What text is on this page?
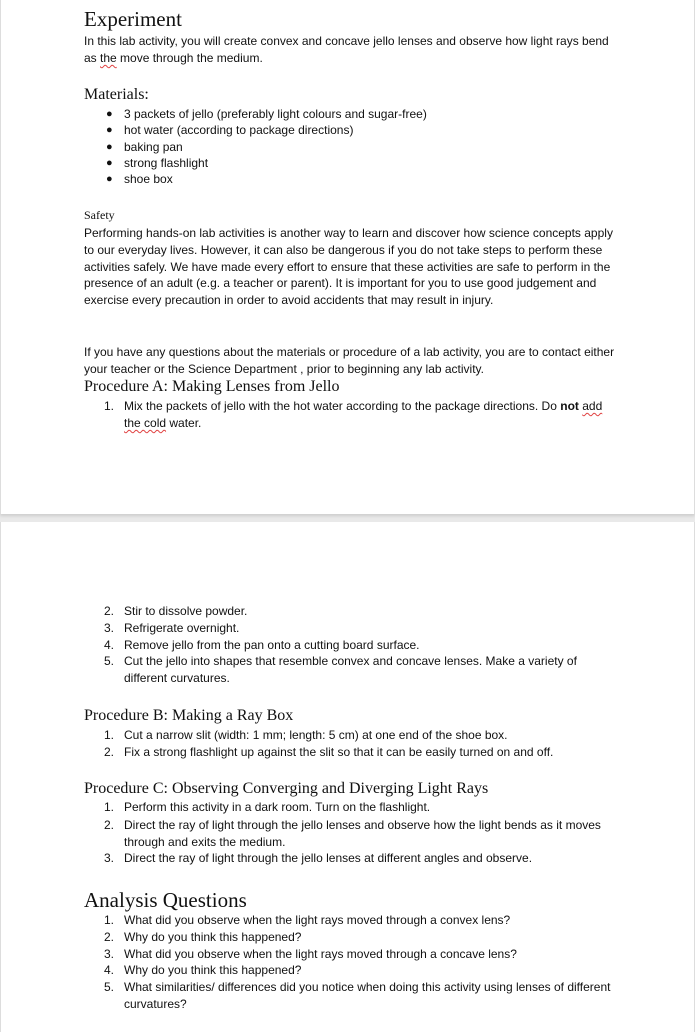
Experiment
In this lab activity, you will create convex and concave jello lenses and observe how light rays bend as the move through the medium.
Materials:
● 3 packets of jello (preferably light colours and sugar-free)
● hot water (according to package directions)
● baking pan
● strong flashlight
● shoe box
Safety
Performing hands-on lab activities is another way to learn and discover how science concepts apply to our everyday lives. However, it can also be dangerous if you do not take steps to perform these activities safely. We have made every effort to ensure that these activities are safe to perform in the presence of an adult (e.g. a teacher or parent). It is important for you to use good judgement and exercise every precaution in order to avoid accidents that may result in injury.
If you have any questions about the materials or procedure of a lab activity, you are to contact either your teacher or the Science Department , prior to beginning any lab activity.
Procedure A: Making Lenses from Jello
1. Mix the packets of jello with the hot water according to the package directions. Do not add the cold water.
2. Stir to dissolve powder.
3. Refrigerate overnight.
4. Remove jello from the pan onto a cutting board surface.
5. Cut the jello into shapes that resemble convex and concave lenses. Make a variety of different curvatures.
Procedure B: Making a Ray Box
1. Cut a narrow slit (width: 1 mm; length: 5 cm) at one end of the shoe box.
2. Fix a strong flashlight up against the slit so that it can be easily turned on and off.
Procedure C: Observing Converging and Diverging Light Rays
1. Perform this activity in a dark room. Turn on the flashlight.
2. Direct the ray of light through the jello lenses and observe how the light bends as it moves through and exits the medium.
3. Direct the ray of light through the jello lenses at different angles and observe.
Analysis Questions
1. What did you observe when the light rays moved through a convex lens?
2. Why do you think this happened?
3. What did you observe when the light rays moved through a concave lens?
4. Why do you think this happened?
5. What similarities/ differences did you notice when doing this activity using lenses of different curvatures?
